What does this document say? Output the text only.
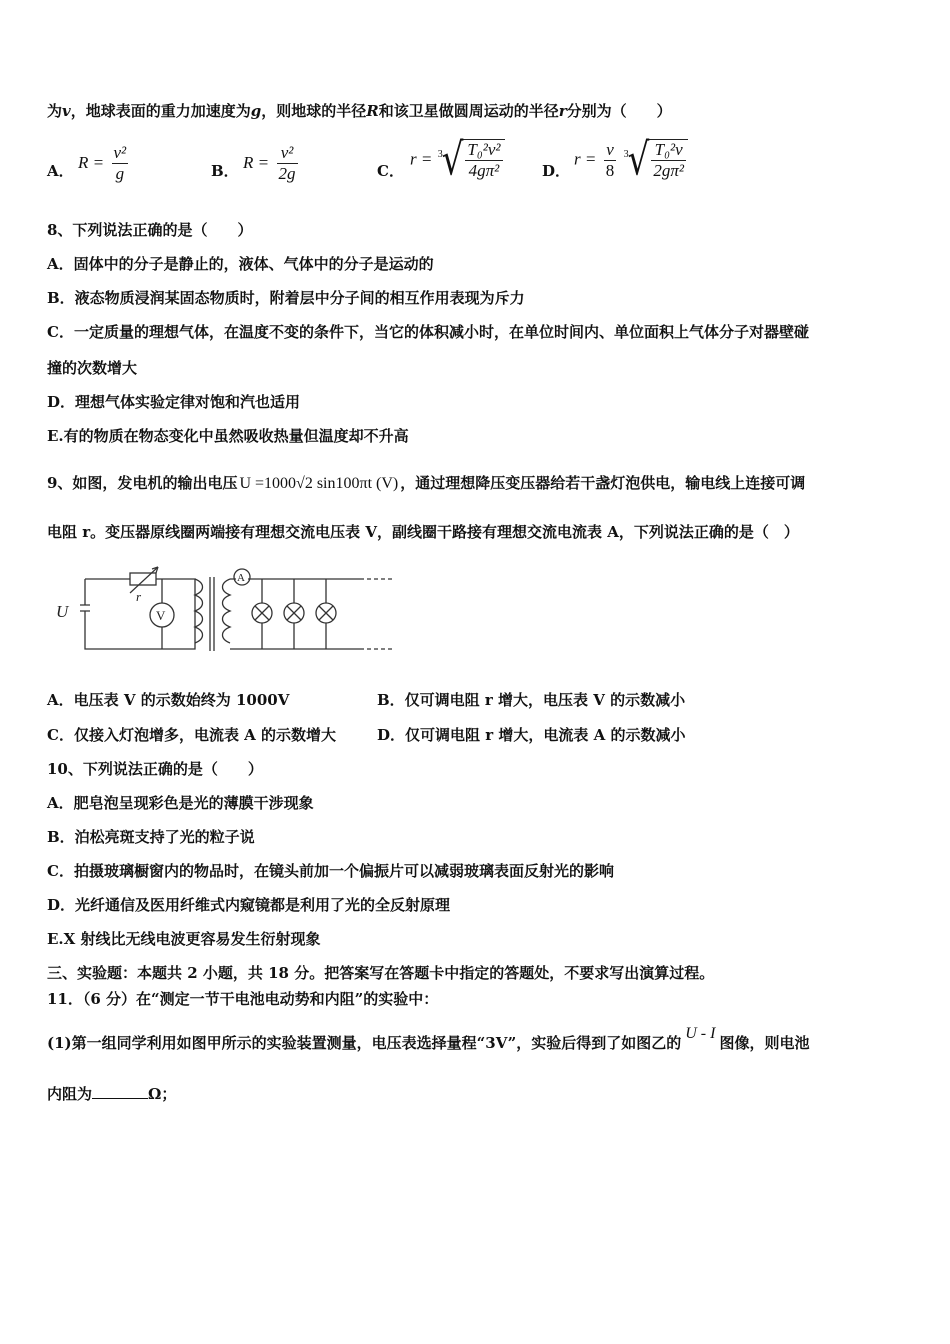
为v，地球表面的重力加速度为g，则地球的半径R和该卫星做圆周运动的半径r分别为（　　）
A． $R = \frac{\text{v²}}{g}$	B． $R = \frac{\text{v²}}{2g}$	C．
r = 3 √ $\frac{\text{T₀²v²}}{\text{4gπ²}}$	D．
$r = \frac{v}{8}$
3 √ $\frac{\text{T₀²v}}{\text{2gπ²}}$
8、下列说法正确的是（　　）
A．固体中的分子是静止的，液体、气体中的分子是运动的
B．液态物质浸润某固态物质时，附着层中分子间的相互作用表现为斥力
C．一定质量的理想气体，在温度不变的条件下，当它的体积减小时，在单位时间内、单位面积上气体分子对器壁碰
撞的次数增大
D．理想气体实验定律对饱和汽也适用
E.有的物质在物态变化中虽然吸收热量但温度却不升高
9、如图，发电机的输出电压 U =1000√2 sin100πt (V) ，通过理想降压变压器给若干盏灯泡供电，输电线上连接可调
电阻 r。变压器原线圈两端接有理想交流电压表 V，副线圈干路接有理想交流电流表 A，下列说法正确的是（　）
U
r
V
A
A．电压表 V 的示数始终为 1000V	B．仅可调电阻 r 增大，电压表 V 的示数减小
C．仅接入灯泡增多，电流表 A 的示数增大	D．仅可调电阻 r 增大，电流表 A 的示数减小
10、下列说法正确的是（　　）
A．肥皂泡呈现彩色是光的薄膜干涉现象
B．泊松亮斑支持了光的粒子说
C．拍摄玻璃橱窗内的物品时，在镜头前加一个偏振片可以减弱玻璃表面反射光的影响
D．光纤通信及医用纤维式内窥镜都是利用了光的全反射原理
E.X 射线比无线电波更容易发生衍射现象
三、实验题：本题共 2 小题，共 18 分。把答案写在答题卡中指定的答题处，不要求写出演算过程。
11．（6 分）在“测定一节干电池电动势和内阻”的实验中：
(1)第一组同学利用如图甲所示的实验装置测量，电压表选择量程“3V”，实验后得到了如图乙的U - I图像，则电池
内阻为	Ω；
